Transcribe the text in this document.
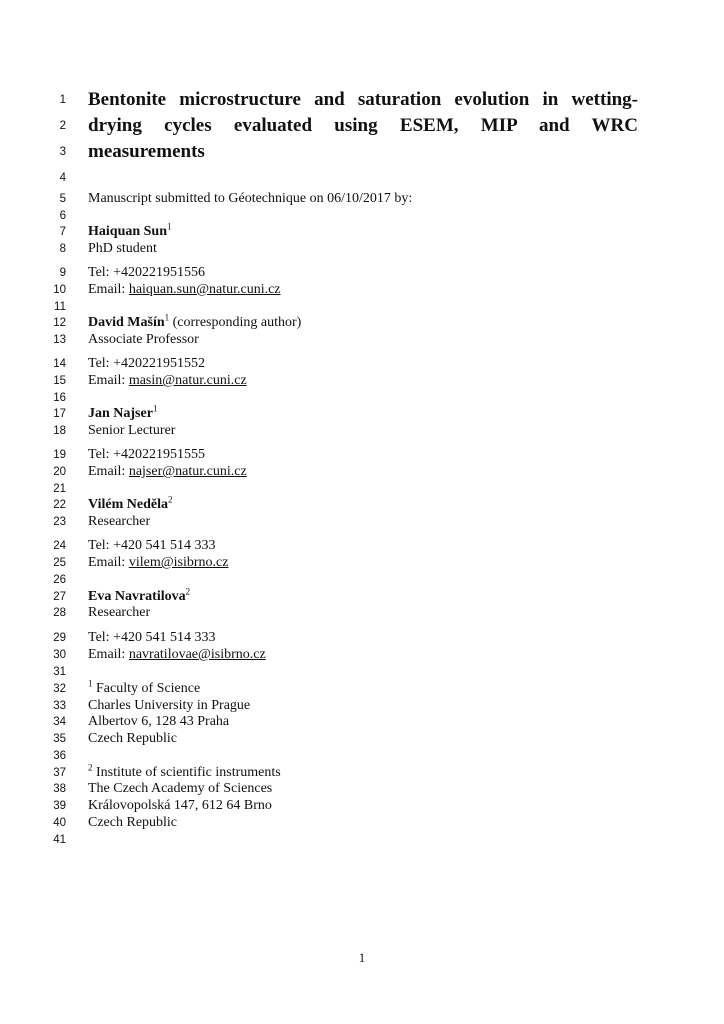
1
2
3
4
5
6
7
8
9
10
11
12
13
14
15
16
17
18
19
20
21
22
23
24
25
26
27
28
29
30
31
32
33
34
35
36
37
38
39
40
41
Bentonite microstructure and saturation evolution in wetting-
drying cycles evaluated using ESEM, MIP and WRC
measurements
Manuscript submitted to Géotechnique on 06/10/2017 by:
Haiquan Sun$^1$
PhD student
Tel: +420221951556
Email: haiquan.sun@natur.cuni.cz
David Mašín$^1$ (corresponding author)
Associate Professor
Tel: +420221951552
Email: masin@natur.cuni.cz
Jan Najser$^1$
Senior Lecturer
Tel: +420221951555
Email: najser@natur.cuni.cz
Vilém Neděla$^2$
Researcher
Tel: +420 541 514 333
Email: vilem@isibrno.cz
Eva Navratilova$^2$
Researcher
Tel: +420 541 514 333
Email: navratilovae@isibrno.cz
$^1$ Faculty of Science
Charles University in Prague
Albertov 6, 128 43 Praha
Czech Republic
$^2$ Institute of scientific instruments
The Czech Academy of Sciences
Královopolská 147, 612 64 Brno
Czech Republic
1
